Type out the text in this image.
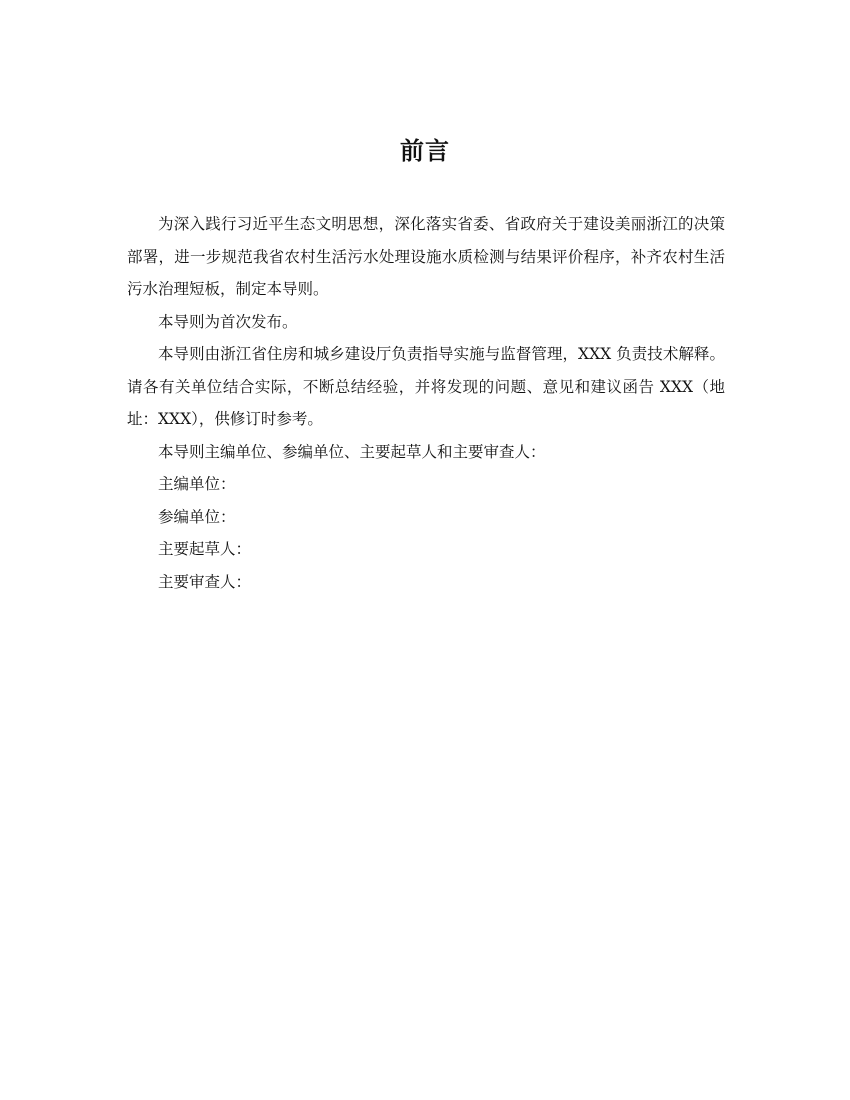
前言

为深入践行习近平生态文明思想，深化落实省委、省政府关于建设美丽浙江的决策部署，进一步规范我省农村生活污水处理设施水质检测与结果评价程序，补齐农村生活污水治理短板，制定本导则。

本导则为首次发布。

本导则由浙江省住房和城乡建设厅负责指导实施与监督管理，XXX 负责技术解释。请各有关单位结合实际，不断总结经验，并将发现的问题、意见和建议函告 XXX（地址：XXX），供修订时参考。

本导则主编单位、参编单位、主要起草人和主要审查人：

主编单位：

参编单位：

主要起草人：

主要审查人：
